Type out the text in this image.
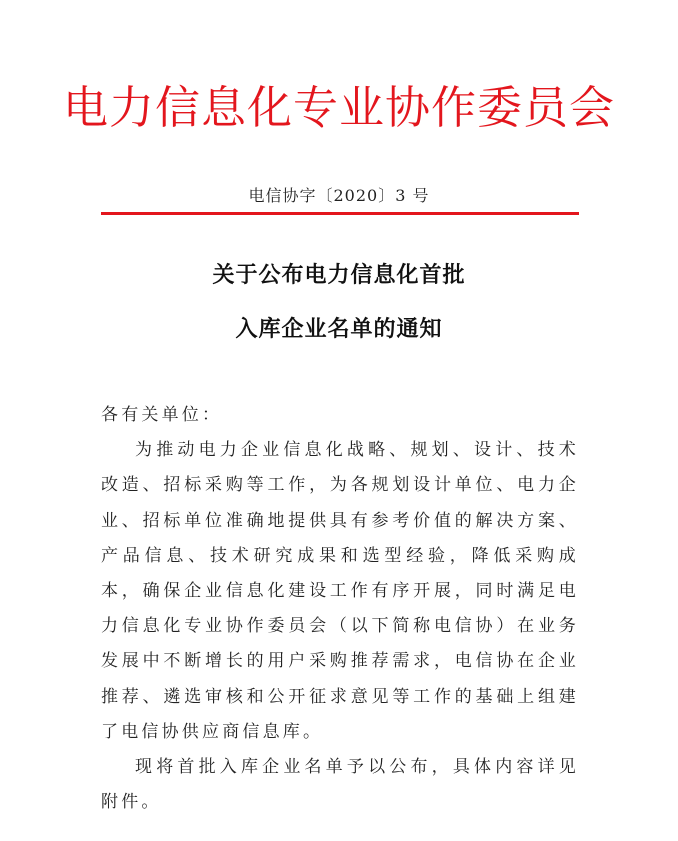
电力信息化专业协作委员会
电信协字〔2020〕3 号
关于公布电力信息化首批
入库企业名单的通知

各有关单位：

为推动电力企业信息化战略、规划、设计、技术改造、招标采购等工作，为各规划设计单位、电力企业、招标单位准确地提供具有参考价值的解决方案、产品信息、技术研究成果和选型经验，降低采购成本，确保企业信息化建设工作有序开展，同时满足电力信息化专业协作委员会（以下简称电信协）在业务发展中不断增长的用户采购推荐需求，电信协在企业推荐、遴选审核和公开征求意见等工作的基础上组建了电信协供应商信息库。

现将首批入库企业名单予以公布，具体内容详见附件。
